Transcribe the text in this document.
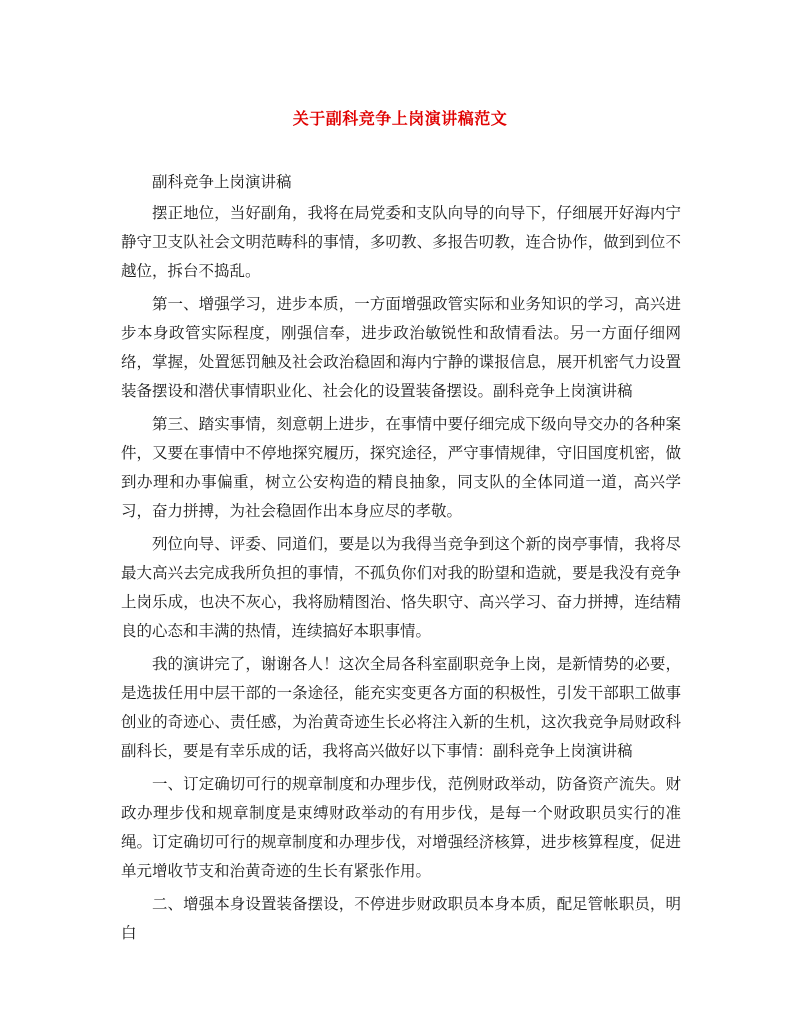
关于副科竞争上岗演讲稿范文

副科竞争上岗演讲稿

摆正地位，当好副角，我将在局党委和支队向导的向导下，仔细展开好海内宁静守卫支队社会文明范畴科的事情，多叨教、多报告叨教，连合协作，做到到位不越位，拆台不捣乱。

第一、增强学习，进步本质，一方面增强政管实际和业务知识的学习，高兴进步本身政管实际程度，刚强信奉，进步政治敏锐性和敌情看法。另一方面仔细网络，掌握，处置惩罚触及社会政治稳固和海内宁静的谍报信息，展开机密气力设置装备摆设和潜伏事情职业化、社会化的设置装备摆设。副科竞争上岗演讲稿

第三、踏实事情，刻意朝上进步，在事情中要仔细完成下级向导交办的各种案件，又要在事情中不停地探究履历，探究途径，严守事情规律，守旧国度机密，做到办理和办事偏重，树立公安构造的精良抽象，同支队的全体同道一道，高兴学习，奋力拼搏，为社会稳固作出本身应尽的孝敬。

列位向导、评委、同道们，要是以为我得当竞争到这个新的岗亭事情，我将尽最大高兴去完成我所负担的事情，不孤负你们对我的盼望和造就，要是我没有竞争上岗乐成，也决不灰心，我将励精图治、恪失职守、高兴学习、奋力拼搏，连结精良的心态和丰满的热情，连续搞好本职事情。

我的演讲完了，谢谢各人！这次全局各科室副职竞争上岗，是新情势的必要，是选拔任用中层干部的一条途径，能充实变更各方面的积极性，引发干部职工做事创业的奇迹心、责任感，为治黄奇迹生长必将注入新的生机，这次我竞争局财政科副科长，要是有幸乐成的话，我将高兴做好以下事情：副科竞争上岗演讲稿

一、订定确切可行的规章制度和办理步伐，范例财政举动，防备资产流失。财政办理步伐和规章制度是束缚财政举动的有用步伐，是每一个财政职员实行的准绳。订定确切可行的规章制度和办理步伐，对增强经济核算，进步核算程度，促进单元增收节支和治黄奇迹的生长有紧张作用。

二、增强本身设置装备摆设，不停进步财政职员本身本质，配足管帐职员，明白
